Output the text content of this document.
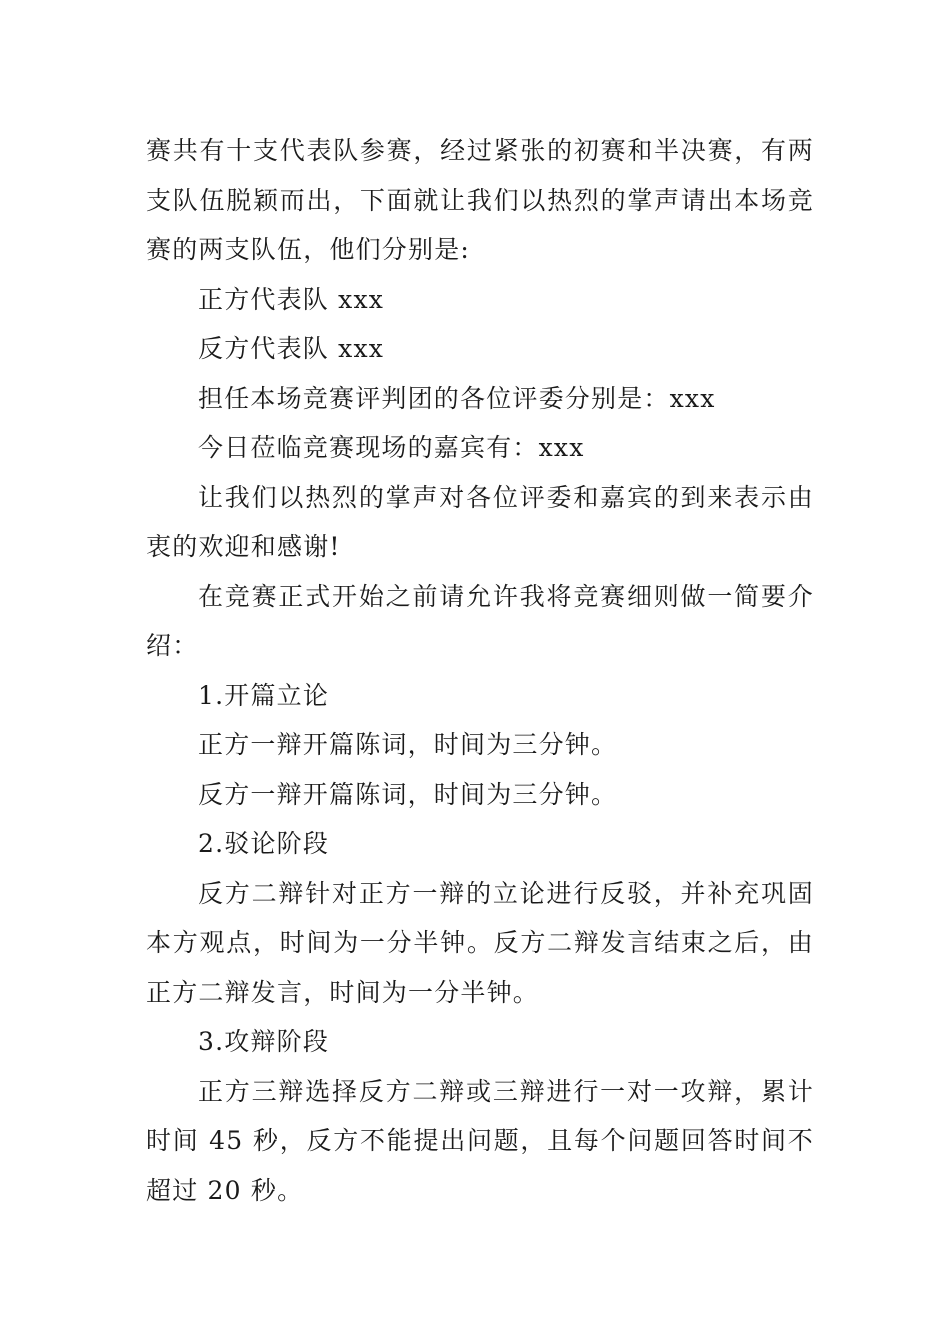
赛共有十支代表队参赛，经过紧张的初赛和半决赛，有两支队伍脱颖而出，下面就让我们以热烈的掌声请出本场竞赛的两支队伍，他们分别是:

正方代表队 xxx

反方代表队 xxx

担任本场竞赛评判团的各位评委分别是：xxx

今日莅临竞赛现场的嘉宾有：xxx

让我们以热烈的掌声对各位评委和嘉宾的到来表示由衷的欢迎和感谢!

在竞赛正式开始之前请允许我将竞赛细则做一简要介绍：

1.开篇立论

正方一辩开篇陈词，时间为三分钟。

反方一辩开篇陈词，时间为三分钟。

2.驳论阶段

反方二辩针对正方一辩的立论进行反驳，并补充巩固本方观点，时间为一分半钟。反方二辩发言结束之后，由正方二辩发言，时间为一分半钟。

3.攻辩阶段

正方三辩选择反方二辩或三辩进行一对一攻辩，累计时间 45 秒，反方不能提出问题，且每个问题回答时间不超过 20 秒。
